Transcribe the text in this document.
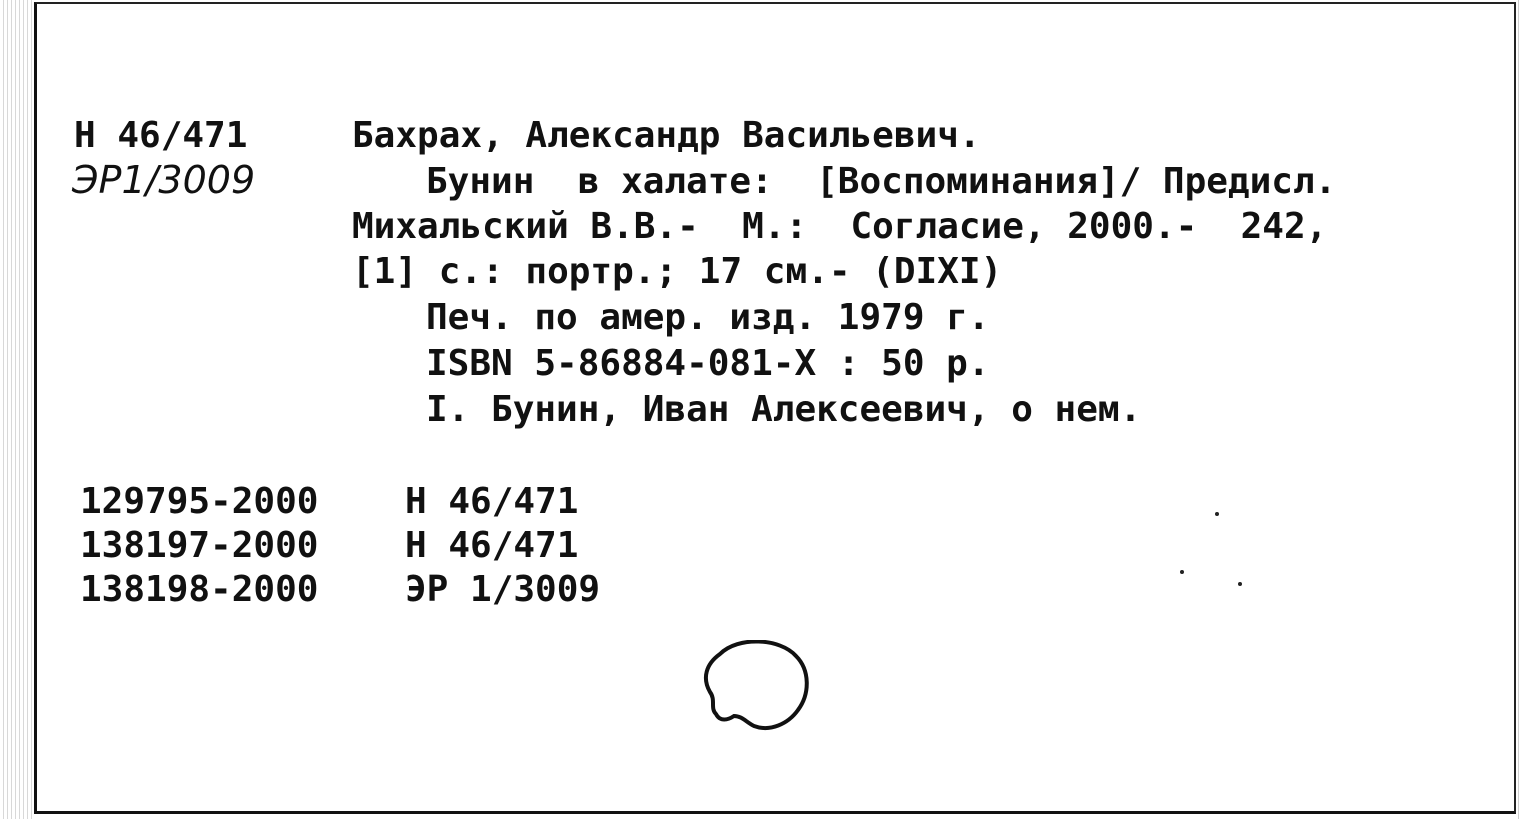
Н 46/471

ЭР1/3009

Бахрах, Александр Васильевич.

Бунин  в халате:  [Воспоминания]/ Предисл.

Михальский В.В.-  М.:  Согласие, 2000.-  242,

[1] с.: портр.; 17 см.- (DIXI)

Печ. по амер. изд. 1979 г.

ISBN 5-86884-081-X : 50 р.

I. Бунин, Иван Алексеевич, о нем.

129795-2000 Н 46/471

138197-2000 Н 46/471

138198-2000 ЭР 1/3009
